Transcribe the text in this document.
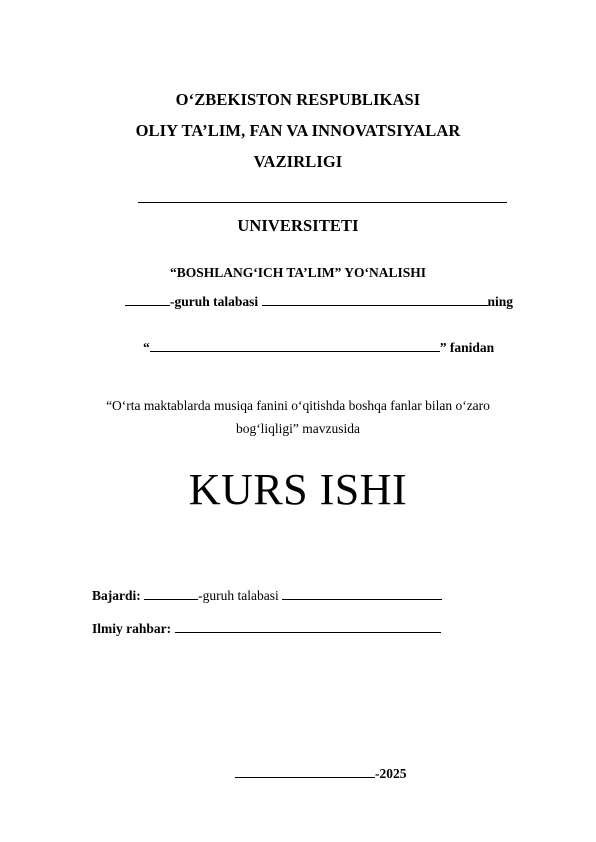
O‘ZBEKISTON RESPUBLIKASI
OLIY TA’LIM, FAN VA INNOVATSIYALAR
VAZIRLIGI
UNIVERSITETI
“BOSHLANG‘ICH TA’LIM” YO‘NALISHI
-guruh talabasi	ning
“	” fanidan
“O‘rta maktablarda musiqa fanini o‘qitishda boshqa fanlar bilan o‘zaro
bog‘liqligi” mavzusida
KURS ISHI
Bajardi:	-guruh talabasi
Ilmiy rahbar:
-2025
